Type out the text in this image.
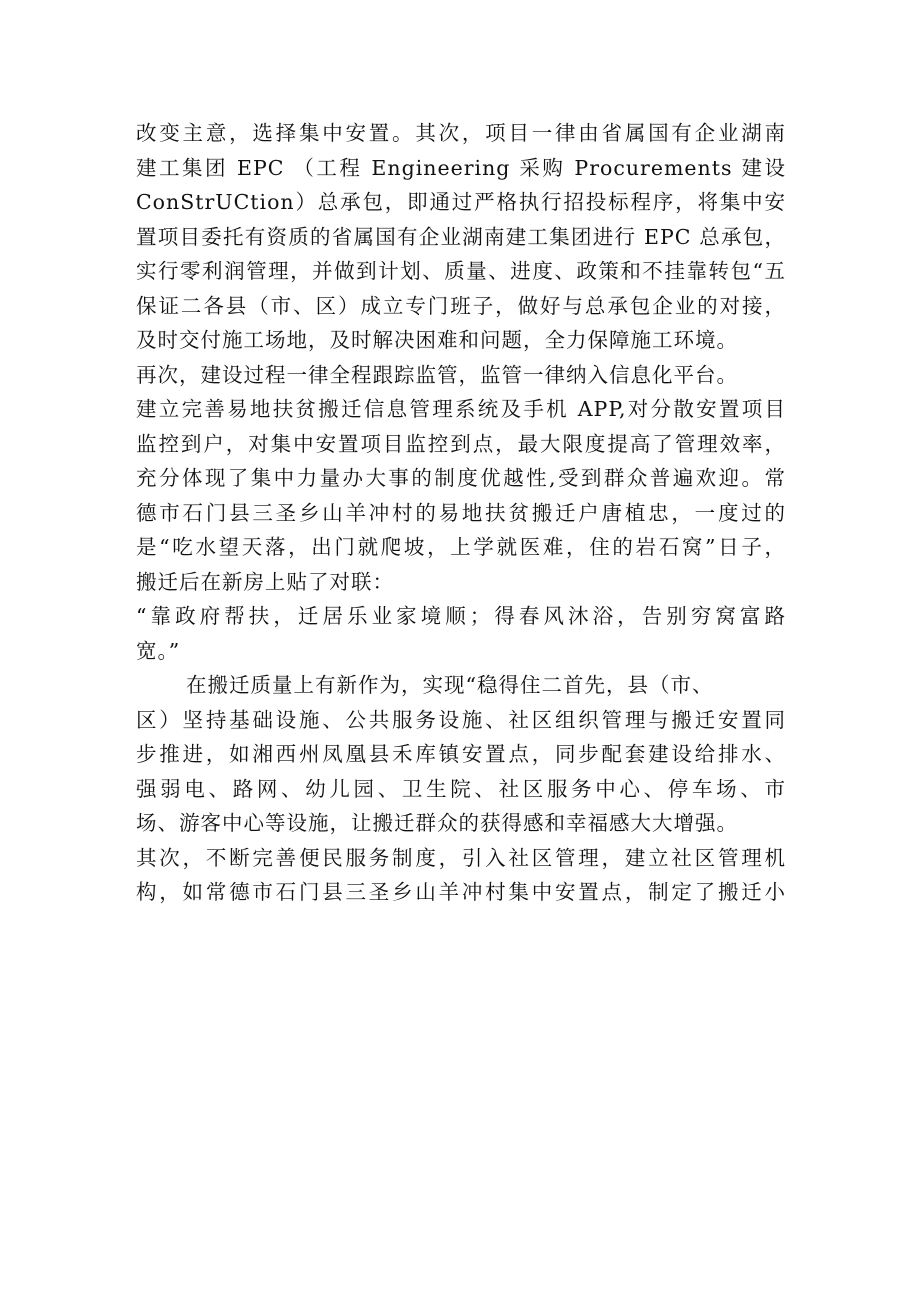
改变主意，选择集中安置。其次，项目一律由省属国有企业湖南
建工集团 EPC （工程 Engineering 采购 Procurements 建设
ConStrUCtion）总承包，即通过严格执行招投标程序，将集中安
置项目委托有资质的省属国有企业湖南建工集团进行 EPC 总承包，
实行零利润管理，并做到计划、质量、进度、政策和不挂靠转包“五
保证二各县（市、区）成立专门班子，做好与总承包企业的对接，
及时交付施工场地，及时解决困难和问题，全力保障施工环境。
再次，建设过程一律全程跟踪监管，监管一律纳入信息化平台。
建立完善易地扶贫搬迁信息管理系统及手机 APP,对分散安置项目
监控到户，对集中安置项目监控到点，最大限度提高了管理效率，
充分体现了集中力量办大事的制度优越性,受到群众普遍欢迎。常
德市石门县三圣乡山羊冲村的易地扶贫搬迁户唐植忠，一度过的
是“吃水望天落，出门就爬坡，上学就医难，住的岩石窝”日子，
搬迁后在新房上贴了对联：
“靠政府帮扶，迁居乐业家境顺；得春风沐浴，告别穷窝富路
宽。”
在搬迁质量上有新作为，实现“稳得住二首先，县（市、
区）坚持基础设施、公共服务设施、社区组织管理与搬迁安置同
步推进，如湘西州凤凰县禾库镇安置点，同步配套建设给排水、
强弱电、路网、幼儿园、卫生院、社区服务中心、停车场、市
场、游客中心等设施，让搬迁群众的获得感和幸福感大大增强。
其次，不断完善便民服务制度，引入社区管理，建立社区管理机
构，如常德市石门县三圣乡山羊冲村集中安置点，制定了搬迁小
